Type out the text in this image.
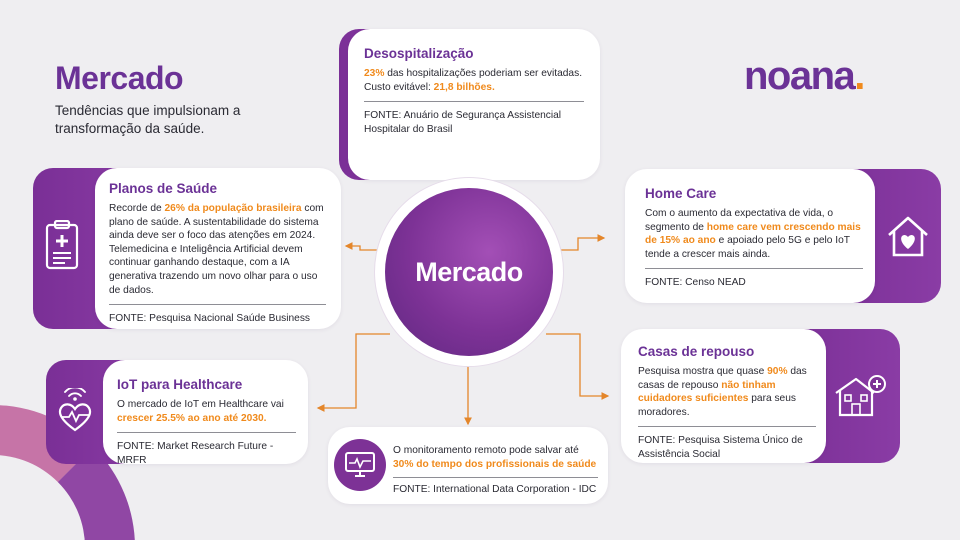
Mercado
Tendências que impulsionam a transformação da saúde.
noana.
Desospitalização

23% das hospitalizações poderiam ser evitadas. Custo evitável: 21,8 bilhões.

FONTE: Anuário de Segurança Assistencial Hospitalar do Brasil

Planos de Saúde

Recorde de 26% da população brasileira com plano de saúde. A sustentabilidade do sistema ainda deve ser o foco das atenções em 2024. Telemedicina e Inteligência Artificial devem continuar ganhando destaque, com a IA generativa trazendo um novo olhar para o uso de dados.

FONTE: Pesquisa Nacional Saúde Business

Home Care

Com o aumento da expectativa de vida, o segmento de home care vem crescendo mais de 15% ao ano e apoiado pelo 5G e pelo IoT tende a crescer mais ainda.

FONTE: Censo NEAD

IoT para Healthcare

O mercado de IoT em Healthcare vai crescer 25.5% ao ano até 2030.

FONTE: Market Research Future - MRFR

O monitoramento remoto pode salvar até 30% do tempo dos profissionais de saúde

FONTE: International Data Corporation - IDC

Casas de repouso

Pesquisa mostra que quase 90% das casas de repouso não tinham cuidadores suficientes para seus moradores.

FONTE: Pesquisa Sistema Único de Assistência Social

Mercado
